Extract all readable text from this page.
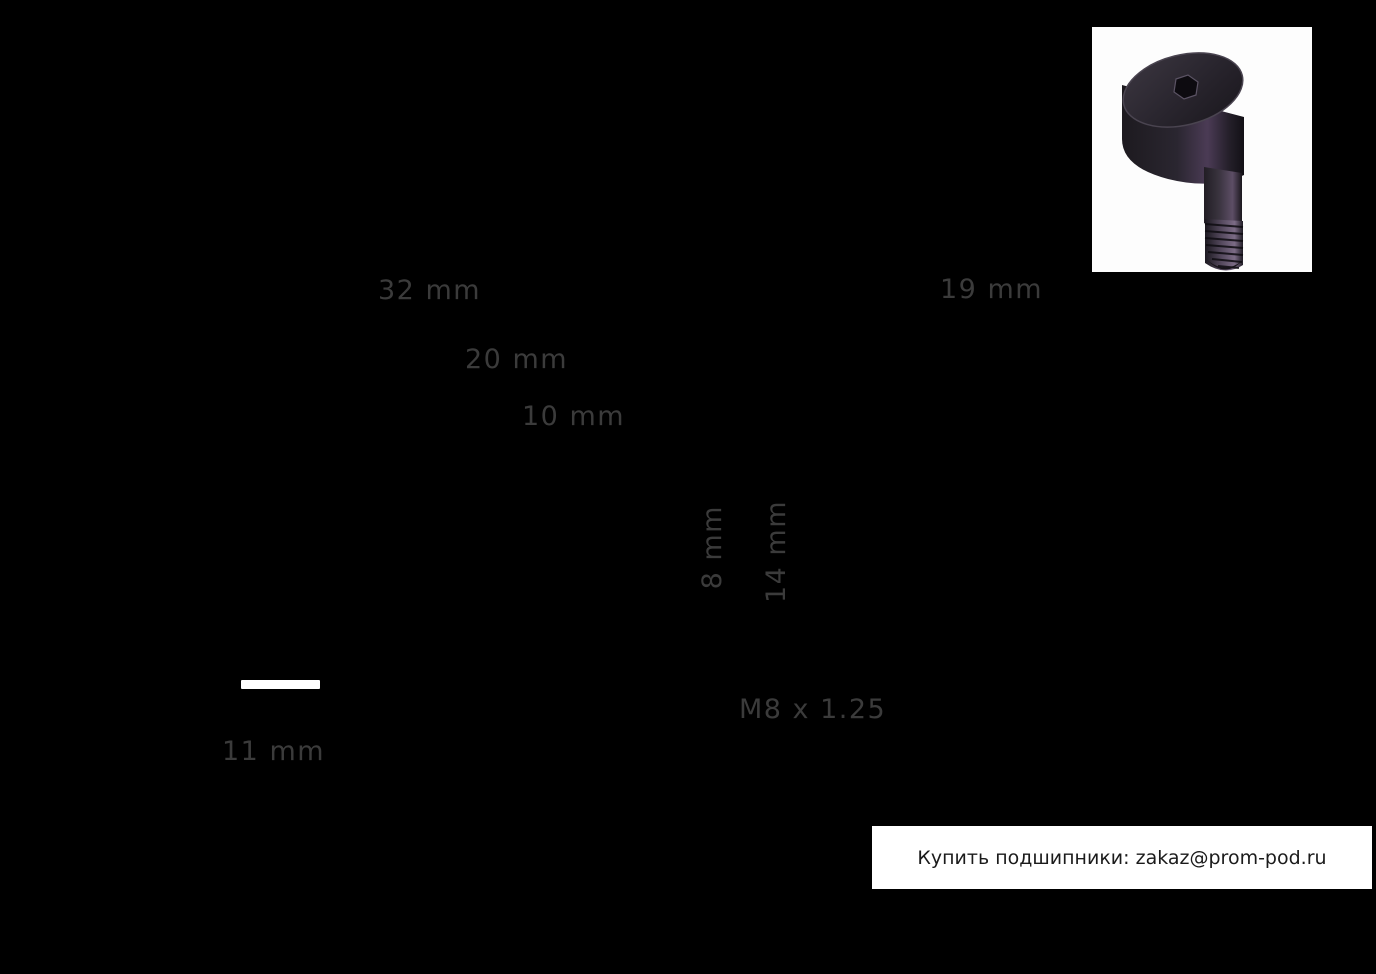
32 mm	19 mm
20 mm
10 mm
8 mm 14 mm
M8 x 1.25
11 mm
Купить подшипники: zakaz@prom-pod.ru
